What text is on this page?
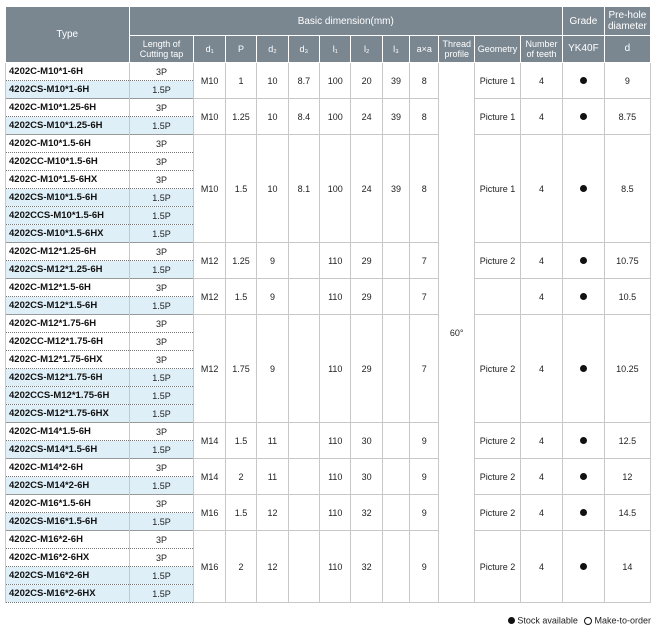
Type	Basic dimension(mm)												Grade	Pre-hole diameter
	Length of Cutting tap	d₁	P	d₂	d₃	l₁	l₂	l₃	a×a	Thread profile	Geometry	Number of teeth	YK40F	d
4202C-M10*1-6H	3P	M10	1	10	8.7	100	20	39	8	60°	Picture 1	4		9
4202CS-M10*1-6H	1.5P													
4202C-M10*1.25-6H	3P	M10	1.25	10	8.4	100	24	39	8		Picture 1	4		8.75
4202CS-M10*1.25-6H	1.5P													
4202C-M10*1.5-6H	3P	M10	1.5	10	8.1	100	24	39	8		Picture 1	4		8.5
4202CC-M10*1.5-6H	3P													
4202C-M10*1.5-6HX	3P													
4202CS-M10*1.5-6H	1.5P													
4202CCS-M10*1.5-6H	1.5P													
4202CS-M10*1.5-6HX	1.5P													
4202C-M12*1.25-6H	3P	M12	1.25	9		110	29		7		Picture 2	4		10.75
4202CS-M12*1.25-6H	1.5P													
4202C-M12*1.5-6H	3P	M12	1.5	9		110	29		7			4		10.5
4202CS-M12*1.5-6H	1.5P													
4202C-M12*1.75-6H	3P	M12	1.75	9		110	29		7		Picture 2	4		10.25
4202CC-M12*1.75-6H	3P													
4202C-M12*1.75-6HX	3P													
4202CS-M12*1.75-6H	1.5P													
4202CCS-M12*1.75-6H	1.5P													
4202CS-M12*1.75-6HX	1.5P													
4202C-M14*1.5-6H	3P	M14	1.5	11		110	30		9		Picture 2	4		12.5
4202CS-M14*1.5-6H	1.5P													
4202C-M14*2-6H	3P	M14	2	11		110	30		9		Picture 2	4		12
4202CS-M14*2-6H	1.5P													
4202C-M16*1.5-6H	3P	M16	1.5	12		110	32		9		Picture 2	4		14.5
4202CS-M16*1.5-6H	1.5P													
4202C-M16*2-6H	3P	M16	2	12		110	32		9		Picture 2	4		14
4202C-M16*2-6HX	3P													
4202CS-M16*2-6H	1.5P													
4202CS-M16*2-6HX	1.5P													
Stock available Make-to-order
